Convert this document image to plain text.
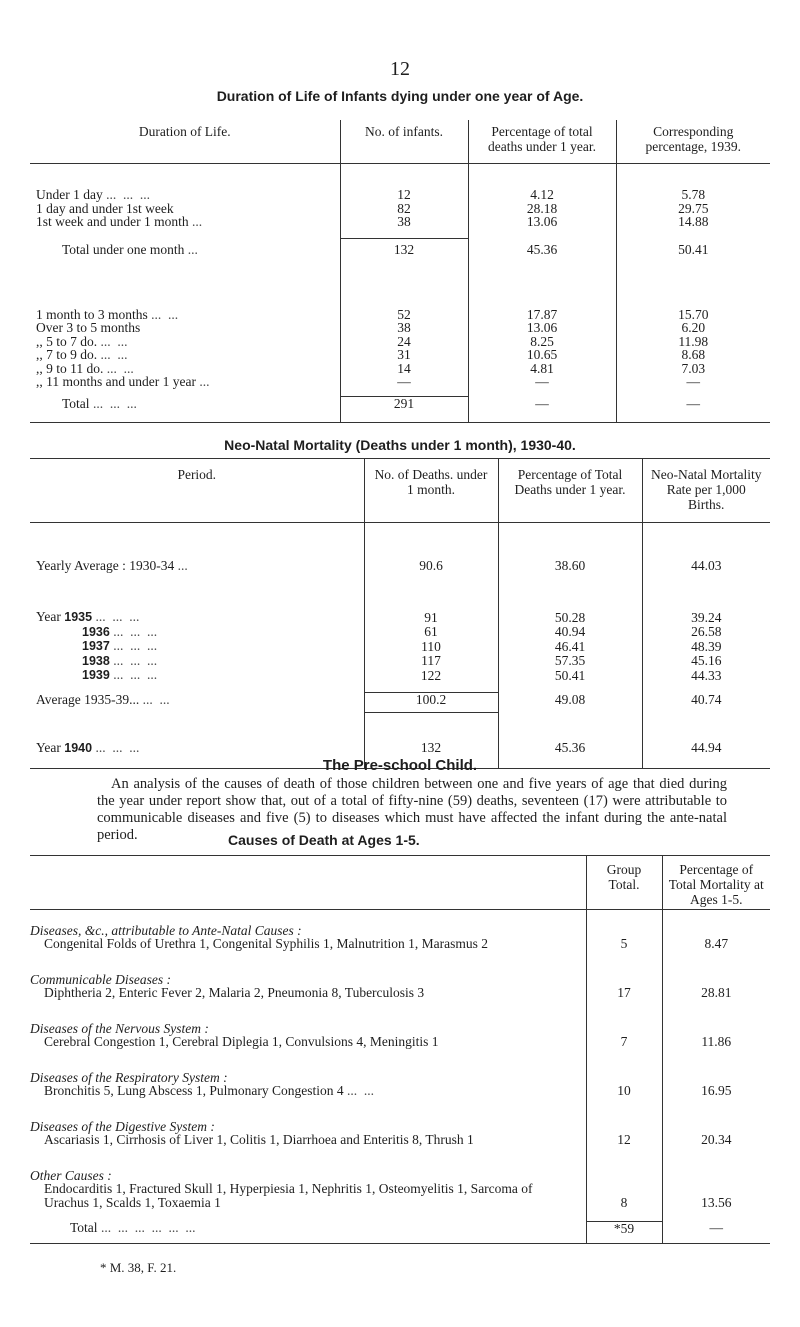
12
Duration of Life of Infants dying under one year of Age.
Duration of Life.	No. of infants.	Percentage of total deaths under 1 year.	Corresponding percentage, 1939.

Under 1 day ...  ...  ...	12	4.12	5.78
1 day and under 1st week	82	28.18	29.75
1st week and under 1 month ...	38	13.06	14.88

Total under one month ...	132	45.36	50.41

1 month to 3 months ...  ...	52	17.87	15.70
Over 3 to 5 months	38	13.06	6.20
,, 5 to 7 do. ...  ...	24	8.25	11.98
,, 7 to 9 do. ...  ...	31	10.65	8.68
,, 9 to 11 do. ...  ...	14	4.81	7.03
,, 11 months and under 1 year ...	—	—	—

Total ...  ...  ...	291	—	—
Neo-Natal Mortality (Deaths under 1 month), 1930-40.
Period.	No. of Deaths. under 1 month.	Percentage of Total Deaths under 1 year.	Neo-Natal Mortality Rate per 1,000 Births.

Yearly Average : 1930-34 ...	90.6	38.60	44.03

Year 1935 ...  ...  ...	91	50.28	39.24
1936 ...  ...  ...	61	40.94	26.58
1937 ...  ...  ...	110	46.41	48.39
1938 ...  ...  ...	117	57.35	45.16
1939 ...  ...  ...	122	50.41	44.33

Average 1935-39... ...  ...	100.2	49.08	40.74

Year 1940 ...  ...  ...	132	45.36	44.94
The Pre-school Child.
An analysis of the causes of death of those children between one and five years of age that died during the year under report show that, out of a total of fifty-nine (59) deaths, seventeen (17) were attributable to communicable diseases and five (5) to diseases which must have affected the infant during the ante-natal period.	Causes of Death at Ages 1-5.
	Group Total.	Percentage of Total Mortality at Ages 1-5.

Diseases, &c., attributable to Ante-Natal Causes :
Congenital Folds of Urethra 1, Congenital Syphilis 1, Malnutrition 1, Marasmus 2	5	8.47

Communicable Diseases :
Diphtheria 2, Enteric Fever 2, Malaria 2, Pneumonia 8, Tuberculosis 3	17	28.81

Diseases of the Nervous System :
Cerebral Congestion 1, Cerebral Diplegia 1, Convulsions 4, Meningitis 1	7	11.86

Diseases of the Respiratory System :
Bronchitis 5, Lung Abscess 1, Pulmonary Congestion 4 ...  ...	10	16.95

Diseases of the Digestive System :
Ascariasis 1, Cirrhosis of Liver 1, Colitis 1, Diarrhoea and Enteritis 8, Thrush 1	12	20.34

Other Causes :
Endocarditis 1, Fractured Skull 1, Hyperpiesia 1, Nephritis 1, Osteomyelitis 1, Sarcoma of Urachus 1, Scalds 1, Toxaemia 1	8	13.56

Total ...  ...  ...  ...  ...  ...	*59	—
* M. 38, F. 21.
